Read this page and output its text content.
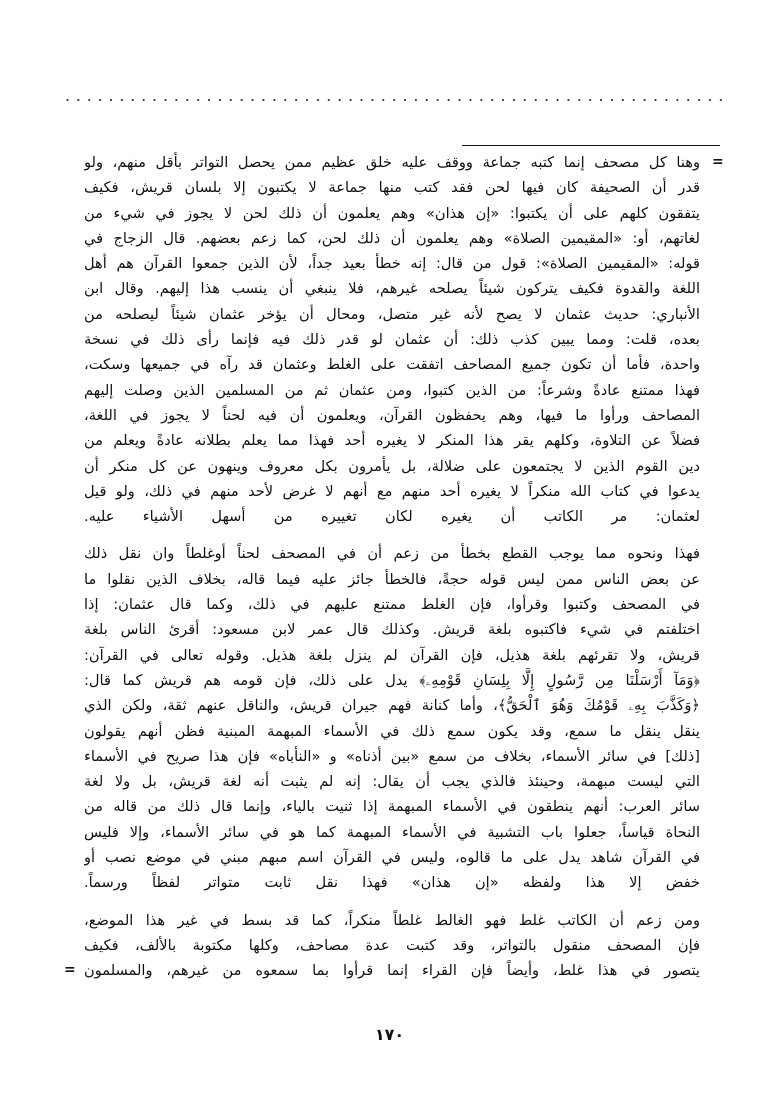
=
وهنا كل مصحف إنما كتبه جماعة ووقف عليه خلق عظيم ممن يحصل التواتر بأقل منهم، ولو
قدر أن الصحيفة كان فيها لحن فقد كتب منها جماعة لا يكتبون إلا بلسان قريش، فكيف
يتفقون كلهم على أن يكتبوا: «إن هذان» وهم يعلمون أن ذلك لحن لا يجوز في شيء من
لغاتهم، أو: «المقيمين الصلاة» وهم يعلمون أن ذلك لحن، كما زعم بعضهم. قال الزجاج في
قوله: «المقيمين الصلاة»: قول من قال: إنه خطأ بعيد جداً، لأن الذين جمعوا القرآن هم أهل
اللغة والقدوة فكيف يتركون شيئاً يصلحه غيرهم، فلا ينبغي أن ينسب هذا إليهم. وقال ابن
الأنباري: حديث عثمان لا يصح لأنه غير متصل، ومحال أن يؤخر عثمان شيئاً ليصلحه من
بعده، قلت: ومما يبين كذب ذلك: أن عثمان لو قدر ذلك فيه فإنما رأى ذلك في نسخة
واحدة، فأما أن تكون جميع المصاحف اتفقت على الغلط وعثمان قد رآه في جميعها وسكت،
فهذا ممتنع عادةً وشرعاً: من الذين كتبوا، ومن عثمان ثم من المسلمين الذين وصلت إليهم
المصاحف ورأوا ما فيها، وهم يحفظون القرآن، ويعلمون أن فيه لحناً لا يجوز في اللغة،
فضلاً عن التلاوة، وكلهم يقر هذا المنكر لا يغيره أحد فهذا مما يعلم بطلانه عادةً ويعلم من
دين القوم الذين لا يجتمعون على ضلالة، بل يأمرون بكل معروف وينهون عن كل منكر أن
يدعوا في كتاب الله منكراً لا يغيره أحد منهم مع أنهم لا غرض لأحد منهم في ذلك، ولو قيل
لعثمان: مر الكاتب أن يغيره لكان تغييره من أسهل الأشياء عليه.
فهذا ونحوه مما يوجب القطع بخطأ من زعم أن في المصحف لحناً أوغلطاً وان نقل ذلك
عن بعض الناس ممن ليس قوله حجةً، فالخطأ جائز عليه فيما قاله، بخلاف الذين نقلوا ما
في المصحف وكتبوا وقرأوا، فإن الغلط ممتنع عليهم في ذلك، وكما قال عثمان: إذا
اختلفتم في شيء فاكتبوه بلغة قريش. وكذلك قال عمر لابن مسعود: أقرئ الناس بلغة
قريش، ولا تقرئهم بلغة هذيل، فإن القرآن لم ينزل بلغة هذيل. وقوله تعالى في القرآن:
﴿وَمَآ أَرْسَلْنَا مِن رَّسُولٍ إِلَّا بِلِسَانِ قَوْمِهِۦ﴾ يدل على ذلك، فإن قومه هم قريش كما قال:
﴿وَكَذَّبَ بِهِۦ قَوْمُكَ وَهُوَ ٱلْحَقُّ﴾، وأما كنانة فهم جيران قريش، والناقل عنهم ثقة، ولكن الذي
ينقل ينقل ما سمع، وقد يكون سمع ذلك في الأسماء المبهمة المبنية فظن أنهم يقولون
[ذلك] في سائر الأسماء، بخلاف من سمع «بين أذناه» و «النأباه» فإن هذا صريح في الأسماء
التي ليست مبهمة، وحينئذ فالذي يجب أن يقال: إنه لم يثبت أنه لغة قريش، بل ولا لغة
سائر العرب: أنهم ينطقون في الأسماء المبهمة إذا ثنيت بالياء، وإنما قال ذلك من قاله من
النحاة قياساً، جعلوا باب التشبية في الأسماء المبهمة كما هو في سائر الأسماء، وإلا فليس
في القرآن شاهد يدل على ما قالوه، وليس في القرآن اسم مبهم مبني في موضع نصب أو
خفض إلا هذا ولفظه «إن هذان» فهذا نقل ثابت متواتر لفظاً ورسماً.
ومن زعم أن الكاتب غلط فهو الغالط غلطاً منكراً، كما قد بسط في غير هذا الموضع،
فإن المصحف منقول بالتواتر، وقد كتبت عدة مصاحف، وكلها مكتوبة بالألف، فكيف
يتصور في هذا غلط، وأيضاً فإن القراء إنما قرأوا بما سمعوه من غيرهم، والمسلمون
=
١٧٠
